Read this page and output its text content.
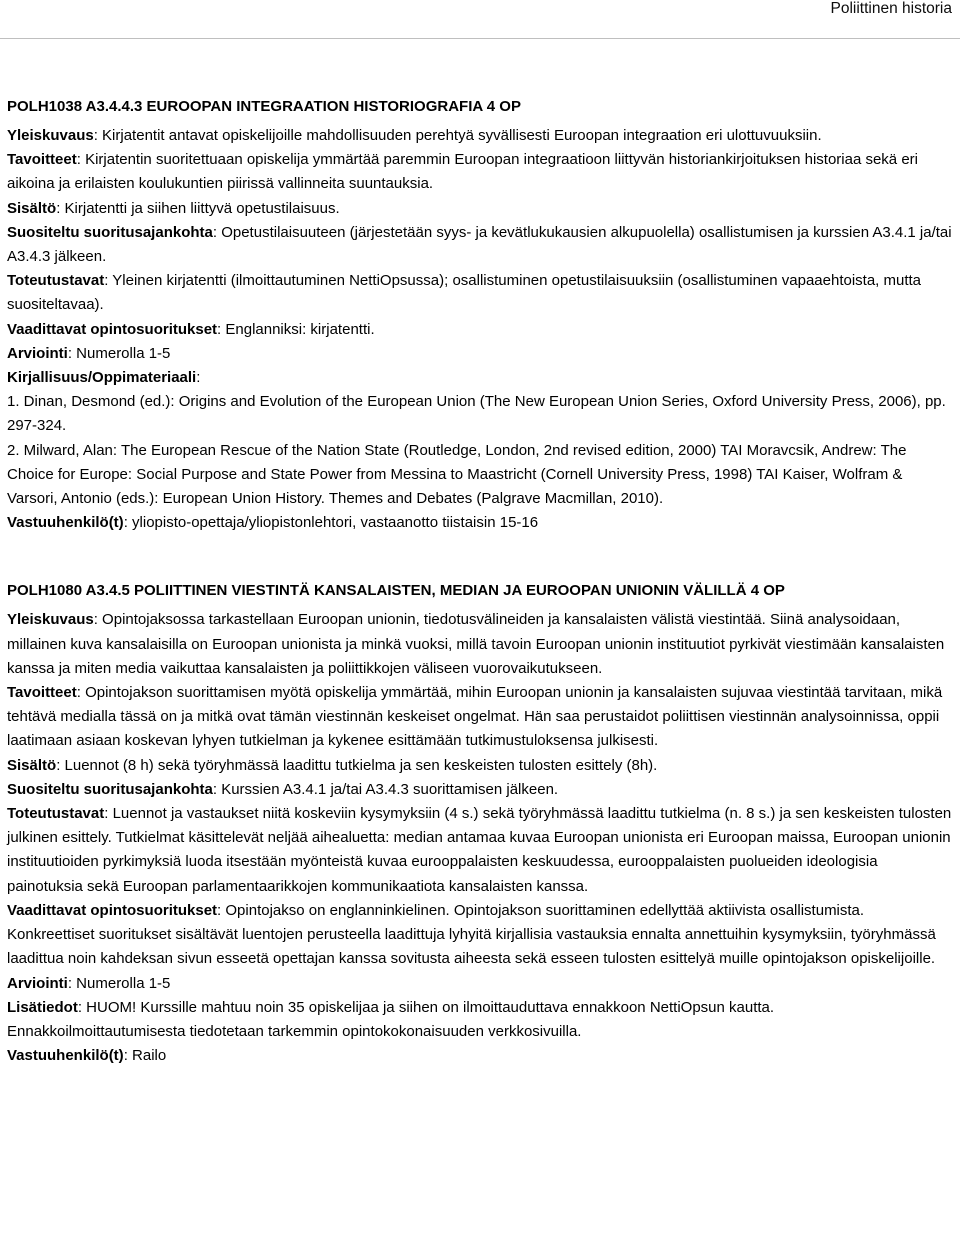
Poliittinen historia

POLH1038 A3.4.4.3 EUROOPAN INTEGRAATION HISTORIOGRAFIA 4 OP

Yleiskuvaus: Kirjatentit antavat opiskelijoille mahdollisuuden perehtyä syvällisesti Euroopan integraation eri ulottuvuuksiin.

Tavoitteet: Kirjatentin suoritettuaan opiskelija ymmärtää paremmin Euroopan integraatioon liittyvän historiankirjoituksen historiaa sekä eri aikoina ja erilaisten koulukuntien piirissä vallinneita suuntauksia.

Sisältö: Kirjatentti ja siihen liittyvä opetustilaisuus.

Suositeltu suoritusajankohta: Opetustilaisuuteen (järjestetään syys- ja kevätlukukausien alkupuolella) osallistumisen ja kurssien A3.4.1 ja/tai A3.4.3 jälkeen.

Toteutustavat: Yleinen kirjatentti (ilmoittautuminen NettiOpsussa); osallistuminen opetustilaisuuksiin (osallistuminen vapaaehtoista, mutta suositeltavaa).

Vaadittavat opintosuoritukset: Englanniksi: kirjatentti.

Arviointi: Numerolla 1-5

Kirjallisuus/Oppimateriaali:

1. Dinan, Desmond (ed.): Origins and Evolution of the European Union (The New European Union Series, Oxford University Press, 2006), pp. 297-324.

2. Milward, Alan: The European Rescue of the Nation State (Routledge, London, 2nd revised edition, 2000) TAI Moravcsik, Andrew: The Choice for Europe: Social Purpose and State Power from Messina to Maastricht (Cornell University Press, 1998) TAI Kaiser, Wolfram & Varsori, Antonio (eds.): European Union History. Themes and Debates (Palgrave Macmillan, 2010).

Vastuuhenkilö(t): yliopisto-opettaja/yliopistonlehtori, vastaanotto tiistaisin 15-16

POLH1080 A3.4.5 POLIITTINEN VIESTINTÄ KANSALAISTEN, MEDIAN JA EUROOPAN UNIONIN VÄLILLÄ 4 OP

Yleiskuvaus: Opintojaksossa tarkastellaan Euroopan unionin, tiedotusvälineiden ja kansalaisten välistä viestintää. Siinä analysoidaan, millainen kuva kansalaisilla on Euroopan unionista ja minkä vuoksi, millä tavoin Euroopan unionin instituutiot pyrkivät viestimään kansalaisten kanssa ja miten media vaikuttaa kansalaisten ja poliittikkojen väliseen vuorovaikutukseen.

Tavoitteet: Opintojakson suorittamisen myötä opiskelija ymmärtää, mihin Euroopan unionin ja kansalaisten sujuvaa viestintää tarvitaan, mikä tehtävä medialla tässä on ja mitkä ovat tämän viestinnän keskeiset ongelmat. Hän saa perustaidot poliittisen viestinnän analysoinnissa, oppii laatimaan asiaan koskevan lyhyen tutkielman ja kykenee esittämään tutkimustuloksensa julkisesti.

Sisältö: Luennot (8 h) sekä työryhmässä laadittu tutkielma ja sen keskeisten tulosten esittely (8h).

Suositeltu suoritusajankohta: Kurssien A3.4.1 ja/tai A3.4.3 suorittamisen jälkeen.

Toteutustavat: Luennot ja vastaukset niitä koskeviin kysymyksiin (4 s.) sekä työryhmässä laadittu tutkielma (n. 8 s.) ja sen keskeisten tulosten julkinen esittely. Tutkielmat käsittelevät neljää aihealuetta: median antamaa kuvaa Euroopan unionista eri Euroopan maissa, Euroopan unionin instituutioiden pyrkimyksiä luoda itsestään myönteistä kuvaa eurooppalaisten keskuudessa, eurooppalaisten puolueiden ideologisia painotuksia sekä Euroopan parlamentaarikkojen kommunikaatiota kansalaisten kanssa.

Vaadittavat opintosuoritukset: Opintojakso on englanninkielinen. Opintojakson suorittaminen edellyttää aktiivista osallistumista. Konkreettiset suoritukset sisältävät luentojen perusteella laadittuja lyhyitä kirjallisia vastauksia ennalta annettuihin kysymyksiin, työryhmässä laadittua noin kahdeksan sivun esseetä opettajan kanssa sovitusta aiheesta sekä esseen tulosten esittelyä muille opintojakson opiskelijoille.

Arviointi: Numerolla 1-5

Lisätiedot: HUOM! Kurssille mahtuu noin 35 opiskelijaa ja siihen on ilmoittauduttava ennakkoon NettiOpsun kautta. Ennakkoilmoittautumisesta tiedotetaan tarkemmin opintokokonaisuuden verkkosivuilla.

Vastuuhenkilö(t): Railo
